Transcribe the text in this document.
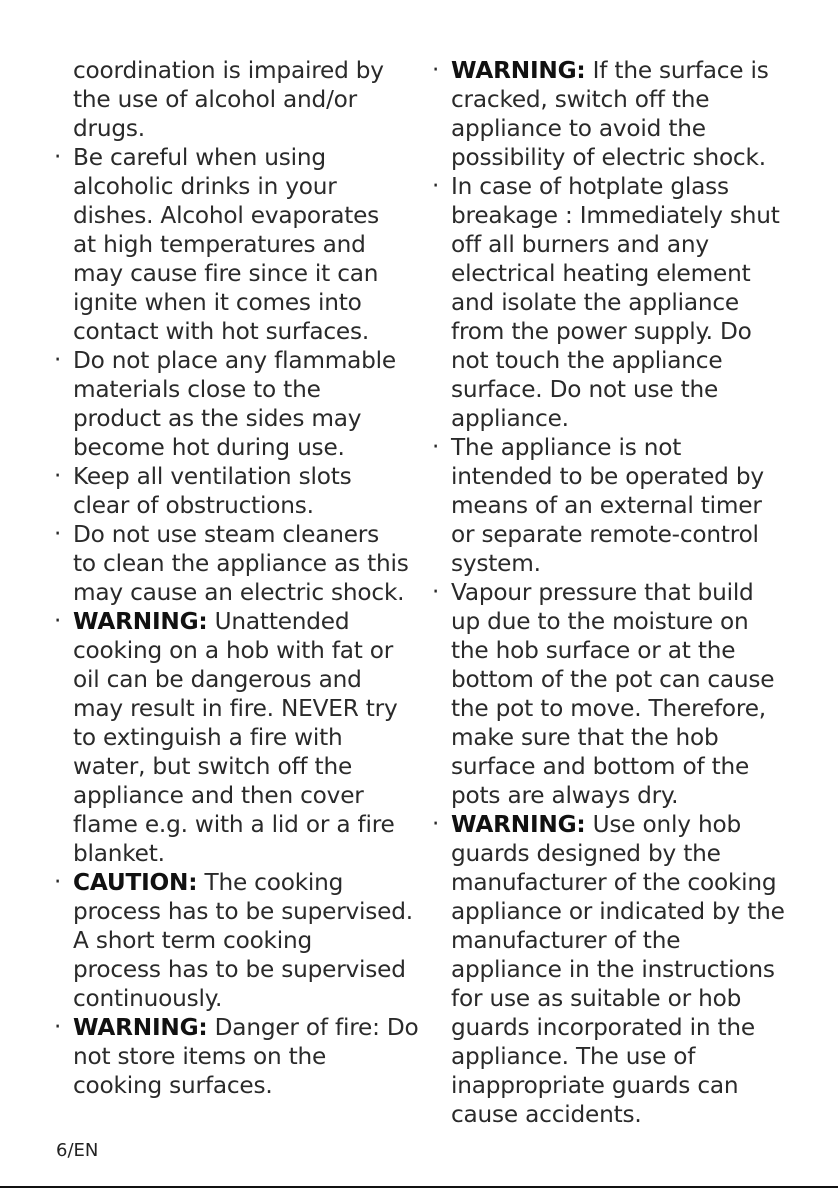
coordination is impaired by
the use of alcohol and/or
drugs.
· Be careful when using
alcoholic drinks in your
dishes. Alcohol evaporates
at high temperatures and
may cause fire since it can
ignite when it comes into
contact with hot surfaces.
· Do not place any flammable
materials close to the
product as the sides may
become hot during use.
· Keep all ventilation slots
clear of obstructions.
· Do not use steam cleaners
to clean the appliance as this
may cause an electric shock.
· WARNING: Unattended
cooking on a hob with fat or
oil can be dangerous and
may result in fire. NEVER try
to extinguish a fire with
water, but switch off the
appliance and then cover
flame e.g. with a lid or a fire
blanket.
· CAUTION: The cooking
process has to be supervised.
A short term cooking
process has to be supervised
continuously.
· WARNING: Danger of fire: Do
not store items on the
cooking surfaces.
· WARNING: If the surface is
cracked, switch off the
appliance to avoid the
possibility of electric shock.
· In case of hotplate glass
breakage : Immediately shut
off all burners and any
electrical heating element
and isolate the appliance
from the power supply. Do
not touch the appliance
surface. Do not use the
appliance.
· The appliance is not
intended to be operated by
means of an external timer
or separate remote-control
system.
· Vapour pressure that build
up due to the moisture on
the hob surface or at the
bottom of the pot can cause
the pot to move. Therefore,
make sure that the hob
surface and bottom of the
pots are always dry.
· WARNING: Use only hob
guards designed by the
manufacturer of the cooking
appliance or indicated by the
manufacturer of the
appliance in the instructions
for use as suitable or hob
guards incorporated in the
appliance. The use of
inappropriate guards can
cause accidents.
6/EN
